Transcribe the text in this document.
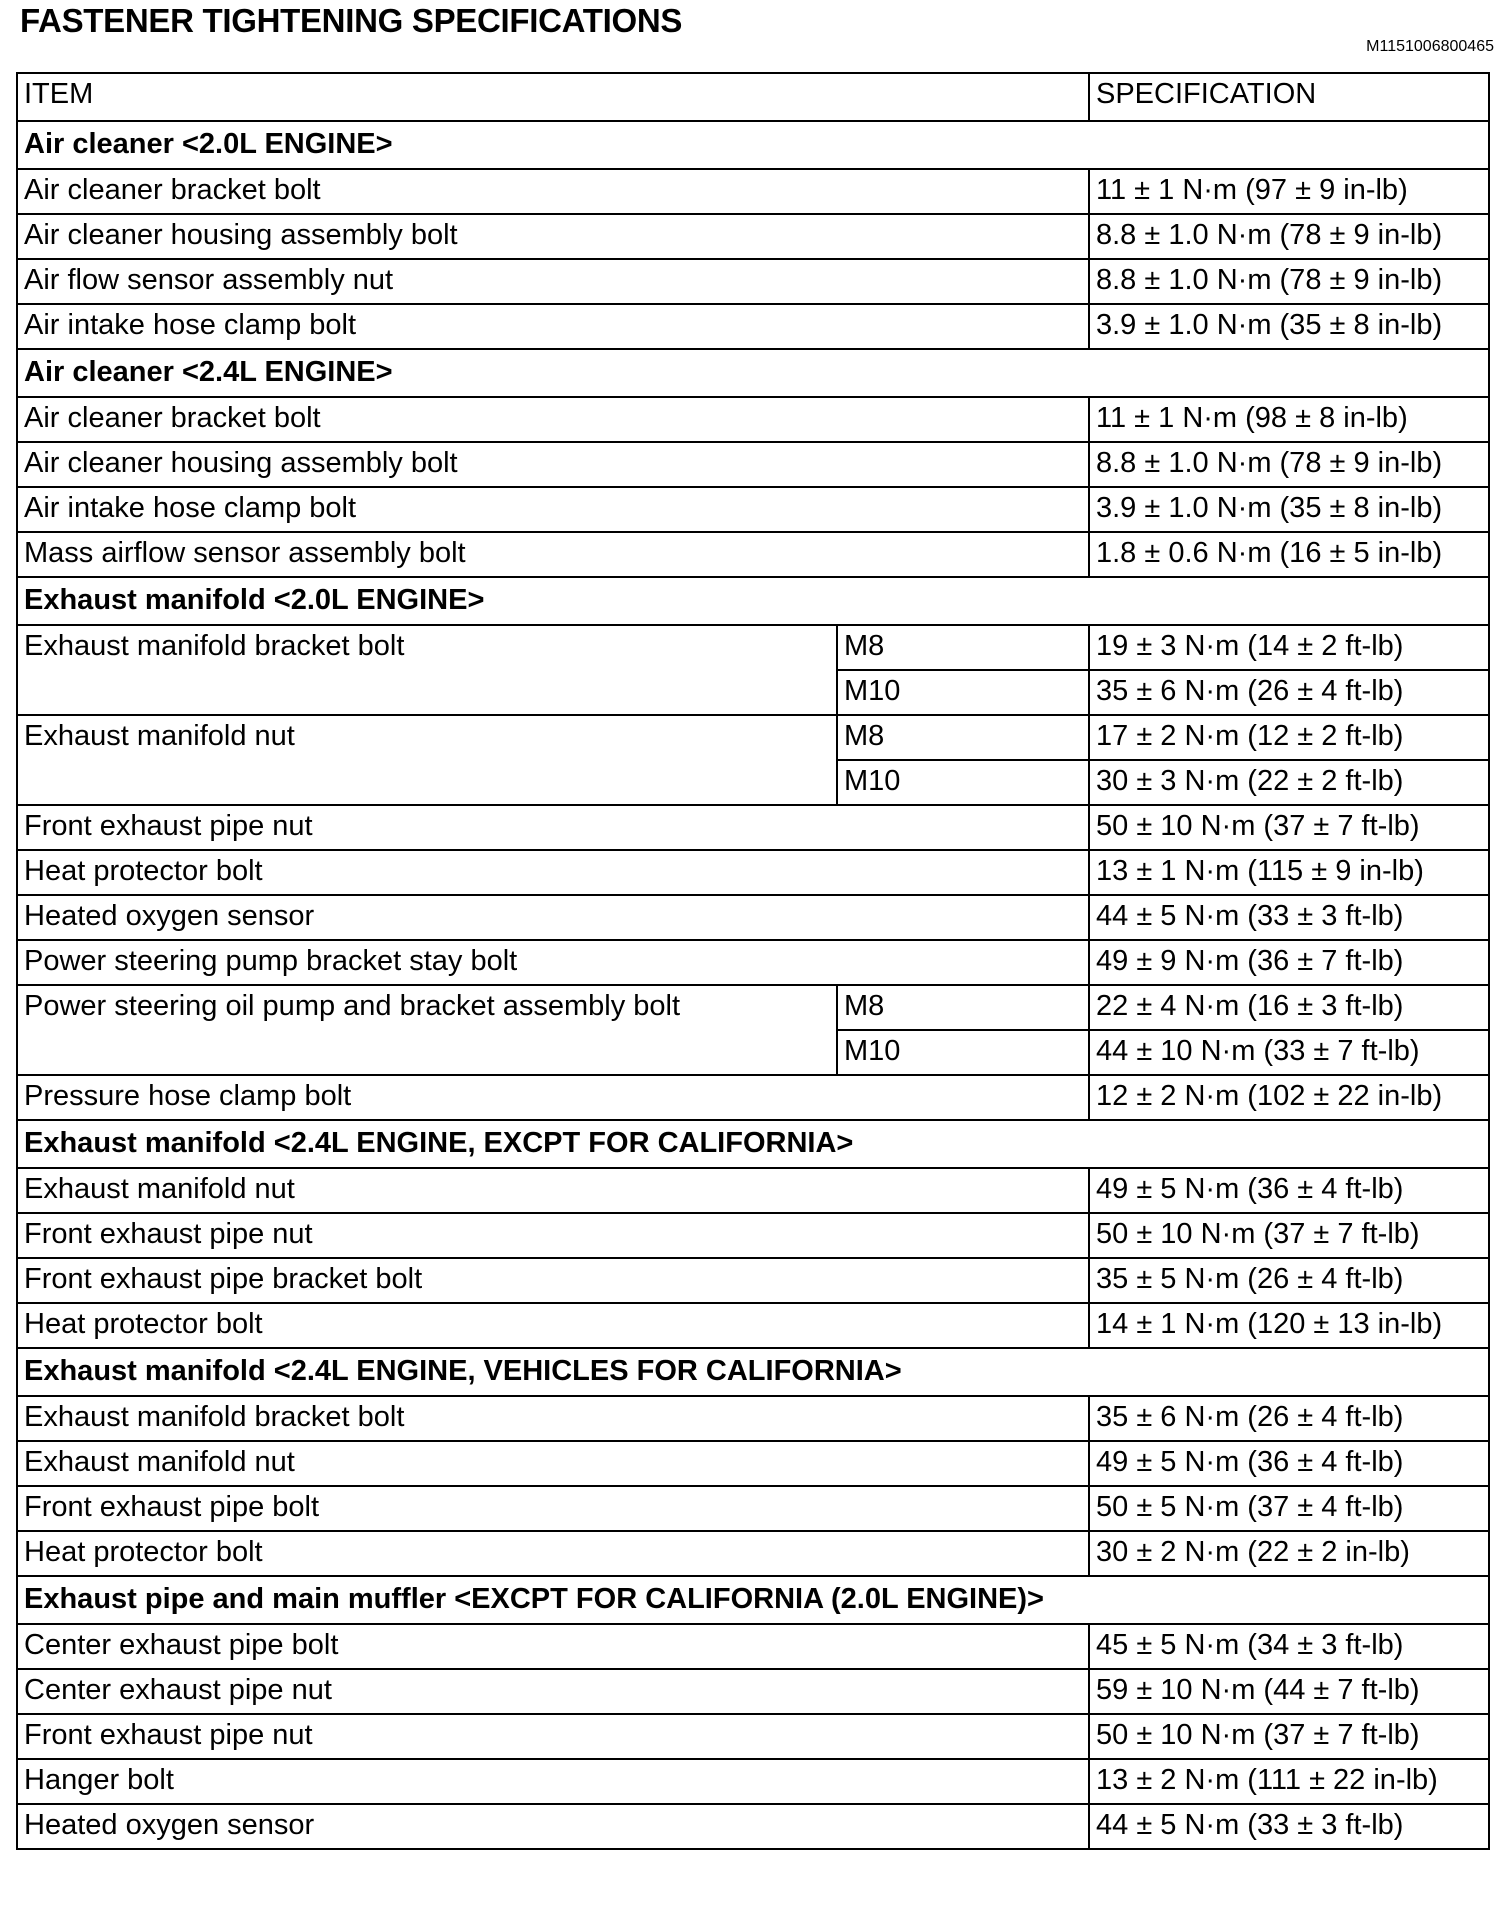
FASTENER TIGHTENING SPECIFICATIONS
M1151006800465
ITEM		SPECIFICATION
Air cleaner <2.0L ENGINE>		
Air cleaner bracket bolt		11 ± 1 N·m (97 ± 9 in-lb)
Air cleaner housing assembly bolt		8.8 ± 1.0 N·m (78 ± 9 in-lb)
Air flow sensor assembly nut		8.8 ± 1.0 N·m (78 ± 9 in-lb)
Air intake hose clamp bolt		3.9 ± 1.0 N·m (35 ± 8 in-lb)
Air cleaner <2.4L ENGINE>		
Air cleaner bracket bolt		11 ± 1 N·m (98 ± 8 in-lb)
Air cleaner housing assembly bolt		8.8 ± 1.0 N·m (78 ± 9 in-lb)
Air intake hose clamp bolt		3.9 ± 1.0 N·m (35 ± 8 in-lb)
Mass airflow sensor assembly bolt		1.8 ± 0.6 N·m (16 ± 5 in-lb)
Exhaust manifold <2.0L ENGINE>		
Exhaust manifold bracket bolt	M8	19 ± 3 N·m (14 ± 2 ft-lb)
	M10	35 ± 6 N·m (26 ± 4 ft-lb)
Exhaust manifold nut	M8	17 ± 2 N·m (12 ± 2 ft-lb)
	M10	30 ± 3 N·m (22 ± 2 ft-lb)
Front exhaust pipe nut		50 ± 10 N·m (37 ± 7 ft-lb)
Heat protector bolt		13 ± 1 N·m (115 ± 9 in-lb)
Heated oxygen sensor		44 ± 5 N·m (33 ± 3 ft-lb)
Power steering pump bracket stay bolt		49 ± 9 N·m (36 ± 7 ft-lb)
Power steering oil pump and bracket assembly bolt	M8	22 ± 4 N·m (16 ± 3 ft-lb)
	M10	44 ± 10 N·m (33 ± 7 ft-lb)
Pressure hose clamp bolt		12 ± 2 N·m (102 ± 22 in-lb)
Exhaust manifold <2.4L ENGINE, EXCPT FOR CALIFORNIA>		
Exhaust manifold nut		49 ± 5 N·m (36 ± 4 ft-lb)
Front exhaust pipe nut		50 ± 10 N·m (37 ± 7 ft-lb)
Front exhaust pipe bracket bolt		35 ± 5 N·m (26 ± 4 ft-lb)
Heat protector bolt		14 ± 1 N·m (120 ± 13 in-lb)
Exhaust manifold <2.4L ENGINE, VEHICLES FOR CALIFORNIA>		
Exhaust manifold bracket bolt		35 ± 6 N·m (26 ± 4 ft-lb)
Exhaust manifold nut		49 ± 5 N·m (36 ± 4 ft-lb)
Front exhaust pipe bolt		50 ± 5 N·m (37 ± 4 ft-lb)
Heat protector bolt		30 ± 2 N·m (22 ± 2 in-lb)
Exhaust pipe and main muffler <EXCPT FOR CALIFORNIA (2.0L ENGINE)>		
Center exhaust pipe bolt		45 ± 5 N·m (34 ± 3 ft-lb)
Center exhaust pipe nut		59 ± 10 N·m (44 ± 7 ft-lb)
Front exhaust pipe nut		50 ± 10 N·m (37 ± 7 ft-lb)
Hanger bolt		13 ± 2 N·m (111 ± 22 in-lb)
Heated oxygen sensor		44 ± 5 N·m (33 ± 3 ft-lb)
